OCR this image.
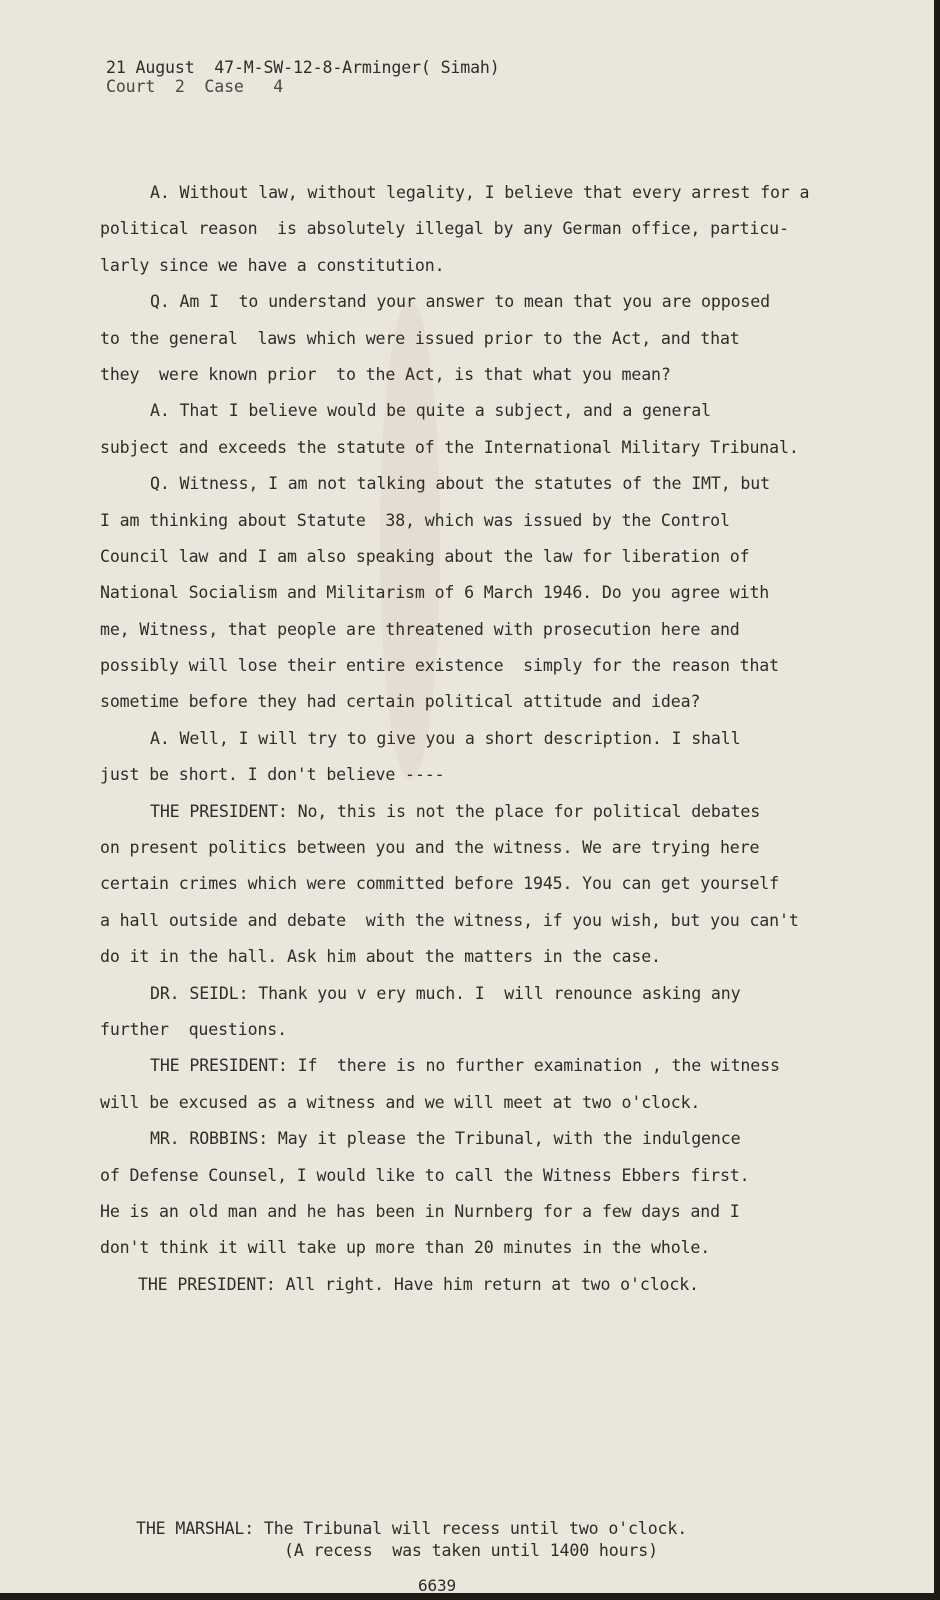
21 August  47-M-SW-12-8-Arminger( Simah)
Court  2  Case   4
A. Without law, without legality, I believe that every arrest for a
political reason  is absolutely illegal by any German office, particu-
larly since we have a constitution.
Q. Am I  to understand your answer to mean that you are opposed
to the general  laws which were issued prior to the Act, and that
they  were known prior  to the Act, is that what you mean?
A. That I believe would be quite a subject, and a general
subject and exceeds the statute of the International Military Tribunal.
Q. Witness, I am not talking about the statutes of the IMT, but
I am thinking about Statute  38, which was issued by the Control
Council law and I am also speaking about the law for liberation of
National Socialism and Militarism of 6 March 1946. Do you agree with
me, Witness, that people are threatened with prosecution here and
possibly will lose their entire existence  simply for the reason that
sometime before they had certain political attitude and idea?
A. Well, I will try to give you a short description. I shall
just be short. I don't believe ----
THE PRESIDENT: No, this is not the place for political debates
on present politics between you and the witness. We are trying here
certain crimes which were committed before 1945. You can get yourself
a hall outside and debate  with the witness, if you wish, but you can't
do it in the hall. Ask him about the matters in the case.
DR. SEIDL: Thank you v ery much. I  will renounce asking any
further  questions.
THE PRESIDENT: If  there is no further examination , the witness
will be excused as a witness and we will meet at two o'clock.
MR. ROBBINS: May it please the Tribunal, with the indulgence
of Defense Counsel, I would like to call the Witness Ebbers first.
He is an old man and he has been in Nurnberg for a few days and I
don't think it will take up more than 20 minutes in the whole.
THE PRESIDENT: All right. Have him return at two o'clock.
THE MARSHAL: The Tribunal will recess until two o'clock.
(A recess  was taken until 1400 hours)
6639
